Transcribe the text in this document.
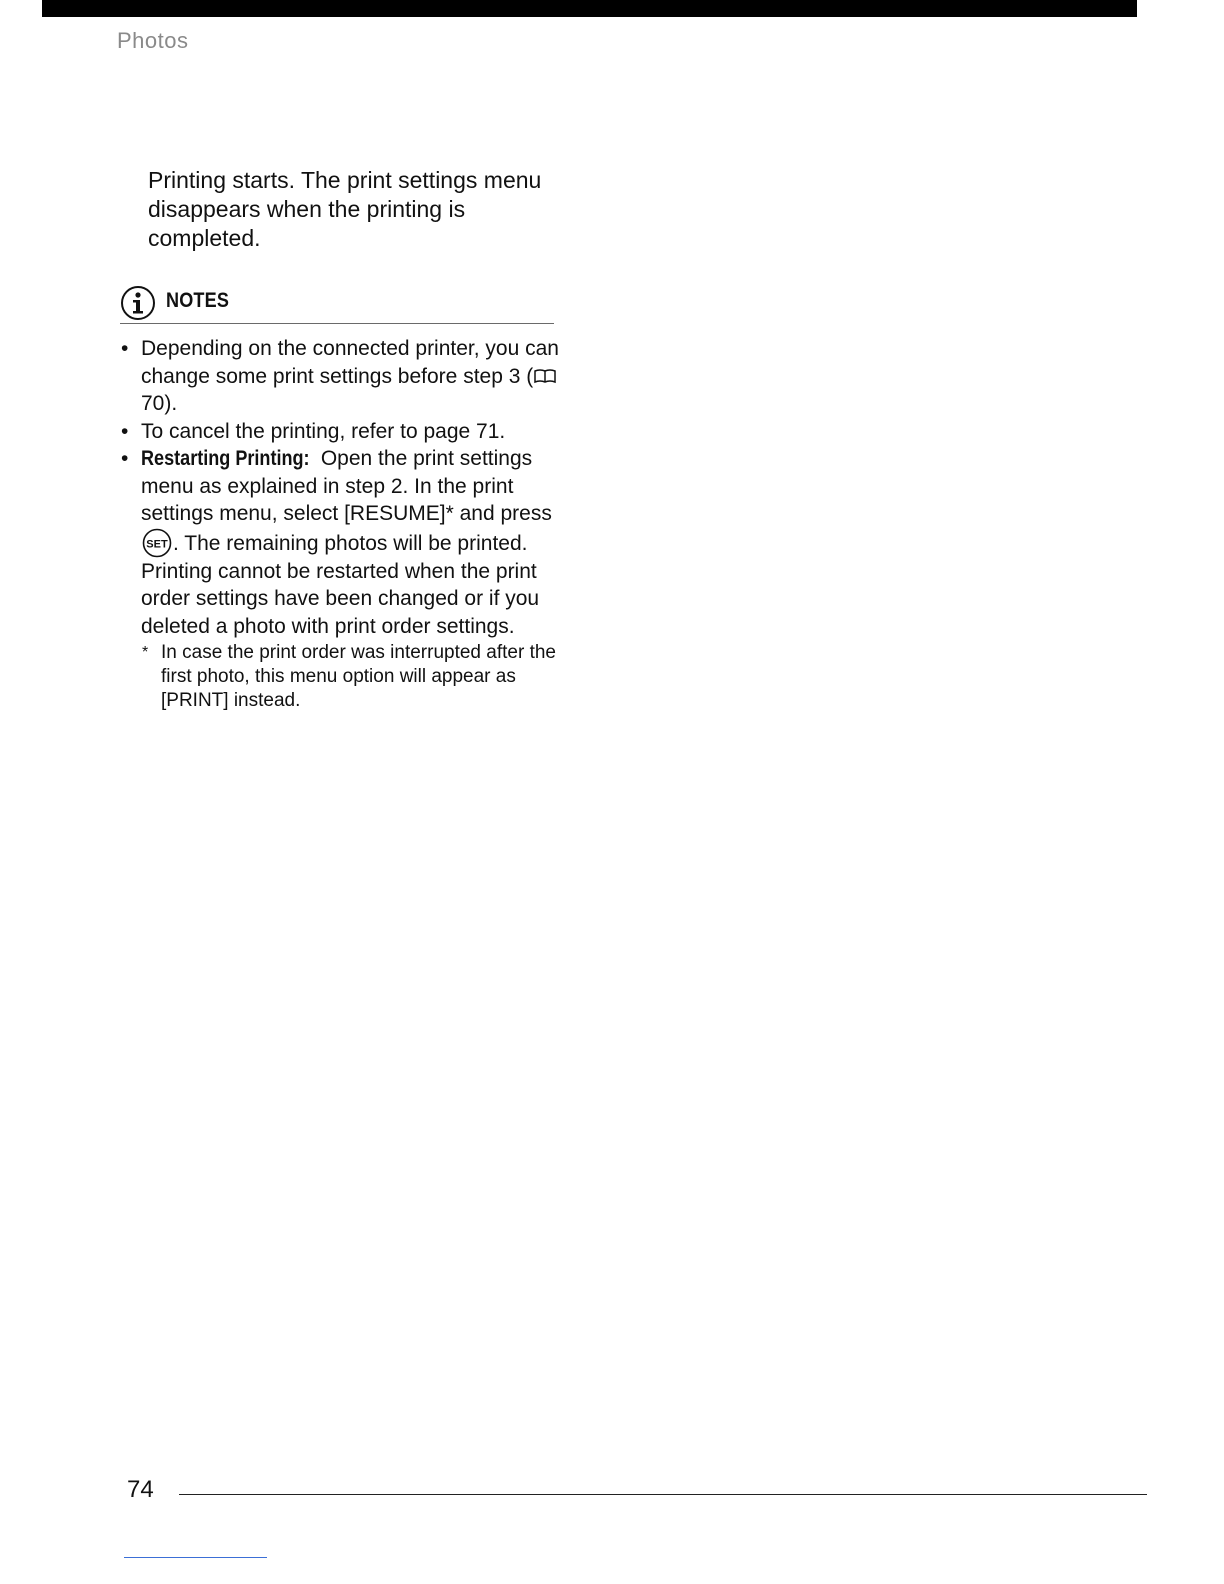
Photos

Printing starts. The print settings menu disappears when the printing is completed.

NOTES
• Depending on the connected printer, you can change some print settings before step 3 (70).
• To cancel the printing, refer to page 71.
• Restarting Printing: Open the print settings menu as explained in step 2. In the print settings menu, select [RESUME]* and press
SET . The remaining photos will be printed. Printing cannot be restarted when the print order settings have been changed or if you deleted a photo with print order settings.
* In case the print order was interrupted after the first photo, this menu option will appear as [PRINT] instead.
74
